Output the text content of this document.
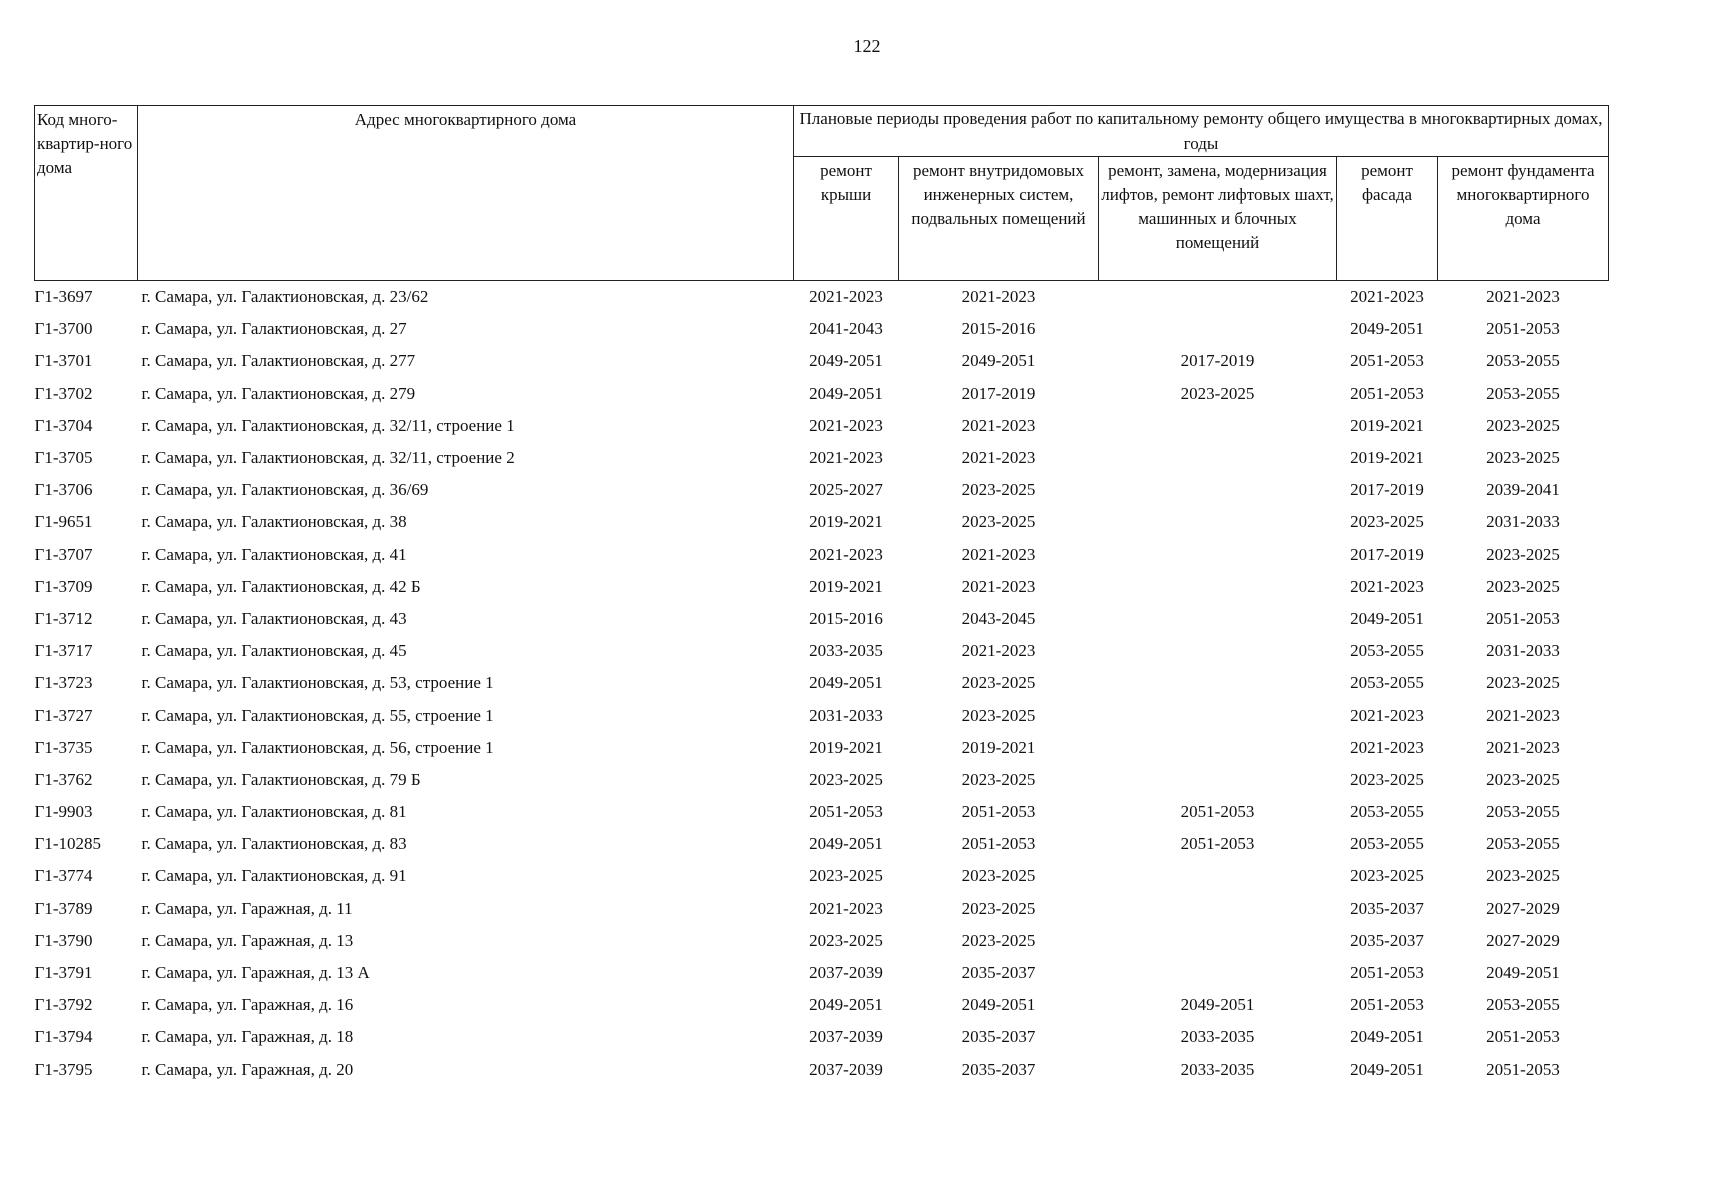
122
Код много-квартир-ного дома	Адрес многоквартирного дома	Плановые периоды проведения работ по капитальному ремонту общего имущества в многоквартирных домах, годы				
		ремонт крыши	ремонт внутридомовых инженерных систем, подвальных помещений	ремонт, замена, модернизация лифтов, ремонт лифтовых шахт, машинных и блочных помещений	ремонт фасада	ремонт фундамента многоквартирного дома
Г1-3697	г. Самара, ул. Галактионовская, д. 23/62	2021-2023	2021-2023		2021-2023	2021-2023
Г1-3700	г. Самара, ул. Галактионовская, д. 27	2041-2043	2015-2016		2049-2051	2051-2053
Г1-3701	г. Самара, ул. Галактионовская, д. 277	2049-2051	2049-2051	2017-2019	2051-2053	2053-2055
Г1-3702	г. Самара, ул. Галактионовская, д. 279	2049-2051	2017-2019	2023-2025	2051-2053	2053-2055
Г1-3704	г. Самара, ул. Галактионовская, д. 32/11, строение 1	2021-2023	2021-2023		2019-2021	2023-2025
Г1-3705	г. Самара, ул. Галактионовская, д. 32/11, строение 2	2021-2023	2021-2023		2019-2021	2023-2025
Г1-3706	г. Самара, ул. Галактионовская, д. 36/69	2025-2027	2023-2025		2017-2019	2039-2041
Г1-9651	г. Самара, ул. Галактионовская, д. 38	2019-2021	2023-2025		2023-2025	2031-2033
Г1-3707	г. Самара, ул. Галактионовская, д. 41	2021-2023	2021-2023		2017-2019	2023-2025
Г1-3709	г. Самара, ул. Галактионовская, д. 42 Б	2019-2021	2021-2023		2021-2023	2023-2025
Г1-3712	г. Самара, ул. Галактионовская, д. 43	2015-2016	2043-2045		2049-2051	2051-2053
Г1-3717	г. Самара, ул. Галактионовская, д. 45	2033-2035	2021-2023		2053-2055	2031-2033
Г1-3723	г. Самара, ул. Галактионовская, д. 53, строение 1	2049-2051	2023-2025		2053-2055	2023-2025
Г1-3727	г. Самара, ул. Галактионовская, д. 55, строение 1	2031-2033	2023-2025		2021-2023	2021-2023
Г1-3735	г. Самара, ул. Галактионовская, д. 56, строение 1	2019-2021	2019-2021		2021-2023	2021-2023
Г1-3762	г. Самара, ул. Галактионовская, д. 79 Б	2023-2025	2023-2025		2023-2025	2023-2025
Г1-9903	г. Самара, ул. Галактионовская, д. 81	2051-2053	2051-2053	2051-2053	2053-2055	2053-2055
Г1-10285	г. Самара, ул. Галактионовская, д. 83	2049-2051	2051-2053	2051-2053	2053-2055	2053-2055
Г1-3774	г. Самара, ул. Галактионовская, д. 91	2023-2025	2023-2025		2023-2025	2023-2025
Г1-3789	г. Самара, ул. Гаражная, д. 11	2021-2023	2023-2025		2035-2037	2027-2029
Г1-3790	г. Самара, ул. Гаражная, д. 13	2023-2025	2023-2025		2035-2037	2027-2029
Г1-3791	г. Самара, ул. Гаражная, д. 13 А	2037-2039	2035-2037		2051-2053	2049-2051
Г1-3792	г. Самара, ул. Гаражная, д. 16	2049-2051	2049-2051	2049-2051	2051-2053	2053-2055
Г1-3794	г. Самара, ул. Гаражная, д. 18	2037-2039	2035-2037	2033-2035	2049-2051	2051-2053
Г1-3795	г. Самара, ул. Гаражная, д. 20	2037-2039	2035-2037	2033-2035	2049-2051	2051-2053
